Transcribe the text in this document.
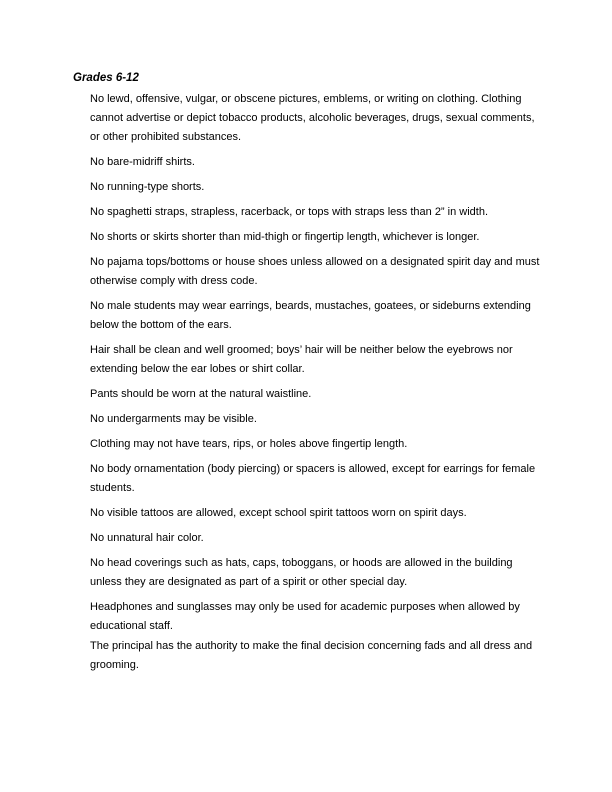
Grades 6-12
No lewd, offensive, vulgar, or obscene pictures, emblems, or writing on clothing. Clothing cannot advertise or depict tobacco products, alcoholic beverages, drugs, sexual comments, or other prohibited substances.
No bare-midriff shirts.
No running-type shorts.
No spaghetti straps, strapless, racerback, or tops with straps less than 2” in width.
No shorts or skirts shorter than mid-thigh or fingertip length, whichever is longer.
No pajama tops/bottoms or house shoes unless allowed on a designated spirit day and must otherwise comply with dress code.
No male students may wear earrings, beards, mustaches, goatees, or sideburns extending below the bottom of the ears.
Hair shall be clean and well groomed; boys’ hair will be neither below the eyebrows nor extending below the ear lobes or shirt collar.
Pants should be worn at the natural waistline.
No undergarments may be visible.
Clothing may not have tears, rips, or holes above fingertip length.
No body ornamentation (body piercing) or spacers is allowed, except for earrings for female students.
No visible tattoos are allowed, except school spirit tattoos worn on spirit days.
No unnatural hair color.
No head coverings such as hats, caps, toboggans, or hoods are allowed in the building unless they are designated as part of a spirit or other special day.
Headphones and sunglasses may only be used for academic purposes when allowed by educational staff.
The principal has the authority to make the final decision concerning fads and all dress and grooming.
